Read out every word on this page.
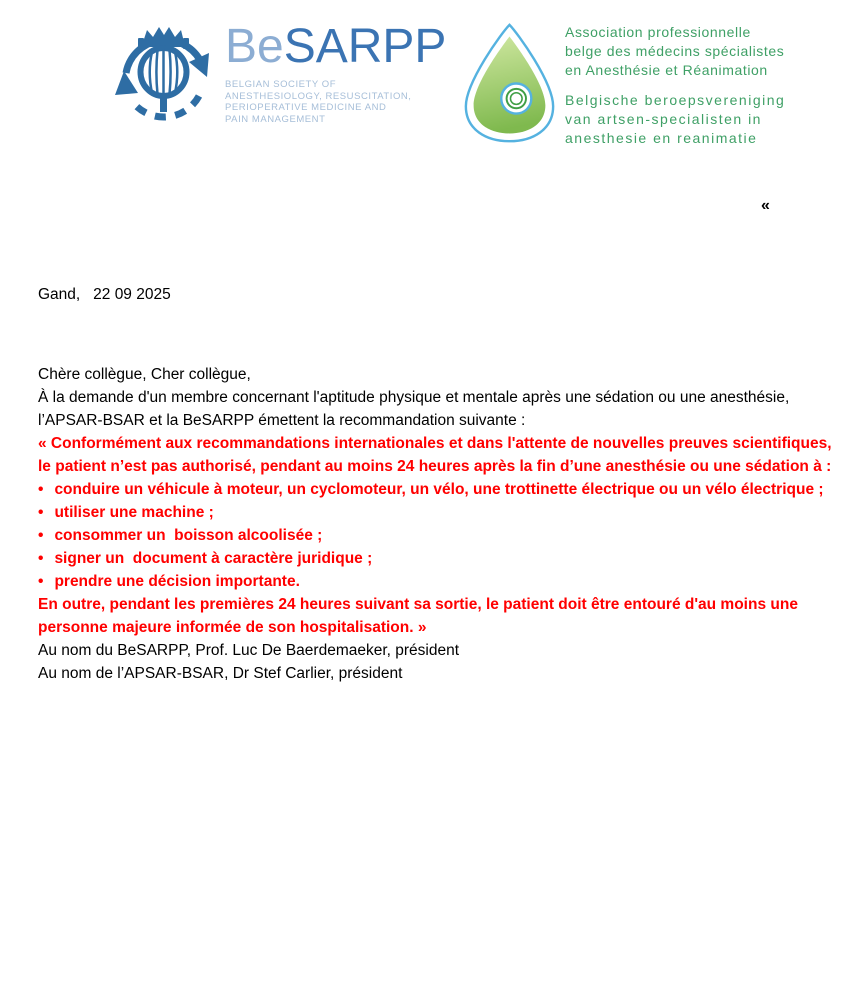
BeSARPP
BELGIAN SOCIETY OF
ANESTHESIOLOGY, RESUSCITATION,
PERIOPERATIVE MEDICINE AND
PAIN MANAGEMENT
Association professionnelle
belge des médecins spécialistes
en Anesthésie et Réanimation
Belgische beroepsvereniging
van artsen-specialisten in
anesthesie en reanimatie
«
Gand,   22 09 2025

Chère collègue, Cher collègue,

À la demande d'un membre concernant l'aptitude physique et mentale après une sédation ou une anesthésie, l’APSAR-BSAR et la BeSARPP émettent la recommandation suivante :

« Conformément aux recommandations internationales et dans l'attente de nouvelles preuves scientifiques, le patient n’est pas authorisé, pendant au moins 24 heures après la fin d’une anesthésie ou une sédation à :

• conduire un véhicule à moteur, un cyclomoteur, un vélo, une trottinette électrique ou un vélo électrique ;

• utiliser une machine ;

• consommer un  boisson alcoolisée ;

• signer un  document à caractère juridique ;

• prendre une décision importante.

En outre, pendant les premières 24 heures suivant sa sortie, le patient doit être entouré d'au moins une personne majeure informée de son hospitalisation. »

Au nom du BeSARPP, Prof. Luc De Baerdemaeker, président

Au nom de l’APSAR-BSAR, Dr Stef Carlier, président
